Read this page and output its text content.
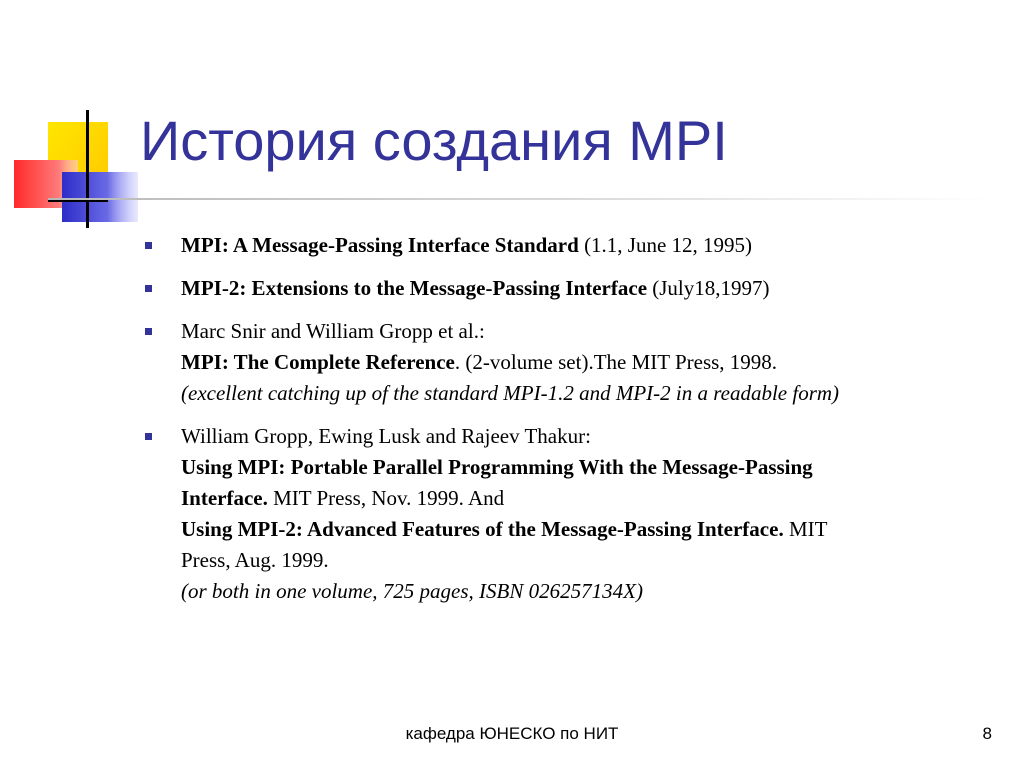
История создания MPI
MPI: A Message-Passing Interface Standard (1.1, June 12, 1995)
MPI-2: Extensions to the Message-Passing Interface (July18,1997)
Marc Snir and William Gropp et al.:
MPI: The Complete Reference. (2-volume set).The MIT Press, 1998.
(excellent catching up of the standard MPI-1.2 and MPI-2 in a readable form)
William Gropp, Ewing Lusk and Rajeev Thakur:
Using MPI: Portable Parallel Programming With the Message-Passing
Interface. MIT Press, Nov. 1999. And
Using MPI-2: Advanced Features of the Message-Passing Interface. MIT
Press, Aug. 1999.
(or both in one volume, 725 pages, ISBN 026257134X)
кафедра ЮНЕСКО по НИТ	8
